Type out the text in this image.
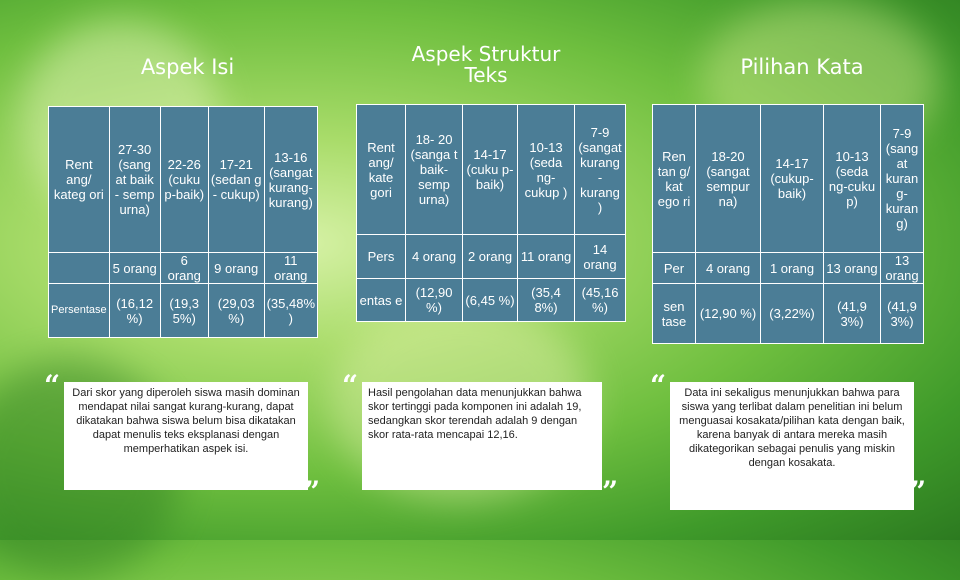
Aspek Isi
Rent ang/ kateg ori	27-30 (sang at baik - semp urna)	22-26 (cuku p-baik)	17-21 (sedan g - cukup)	13-16 (sangat kurang-kurang)
	5 orang	6 orang	9 orang	11 orang
Persentase	(16,12 %)	(19,3 5%)	(29,03 %)	(35,48% )
“	Dari skor yang diperoleh siswa masih dominan mendapat nilai sangat kurang-kurang, dapat dikatakan bahwa siswa belum bisa dikatakan dapat menulis teks eksplanasi dengan memperhatikan aspek isi.
”
Aspek Struktur Teks
Rent ang/ kate gori	18- 20 (sanga t baik-semp urna)	14-17 (cuku p-baik)	10-13 (seda ng-cukup )	7-9 (sangat kurang - kurang )
Pers	4 orang	2 orang	11 orang	14 orang
entas e	(12,90 %)	(6,45 %)	(35,4 8%)	(45,16 %)
“ Hasil pengolahan data menunjukkan bahwa skor tertinggi pada komponen ini adalah 19, sedangkan skor terendah adalah 9 dengan skor rata-rata mencapai 12,16.
”
Pilihan Kata
Ren tan g/ kat ego ri	18-20 (sangat sempur na)	14-17 (cukup-baik)	10-13 (seda ng-cuku p)	7-9 (sang at kuran g-kuran g)
Per	4 orang	1 orang	13 orang	13 orang
sen tase	(12,90 %)	(3,22%)	(41,9 3%)	(41,9 3%)
“	Data ini sekaligus menunjukkan bahwa para siswa yang terlibat dalam penelitian ini belum menguasai kosakata/pilihan kata dengan baik, karena banyak di antara mereka masih dikategorikan sebagai penulis yang miskin dengan kosakata.
”
